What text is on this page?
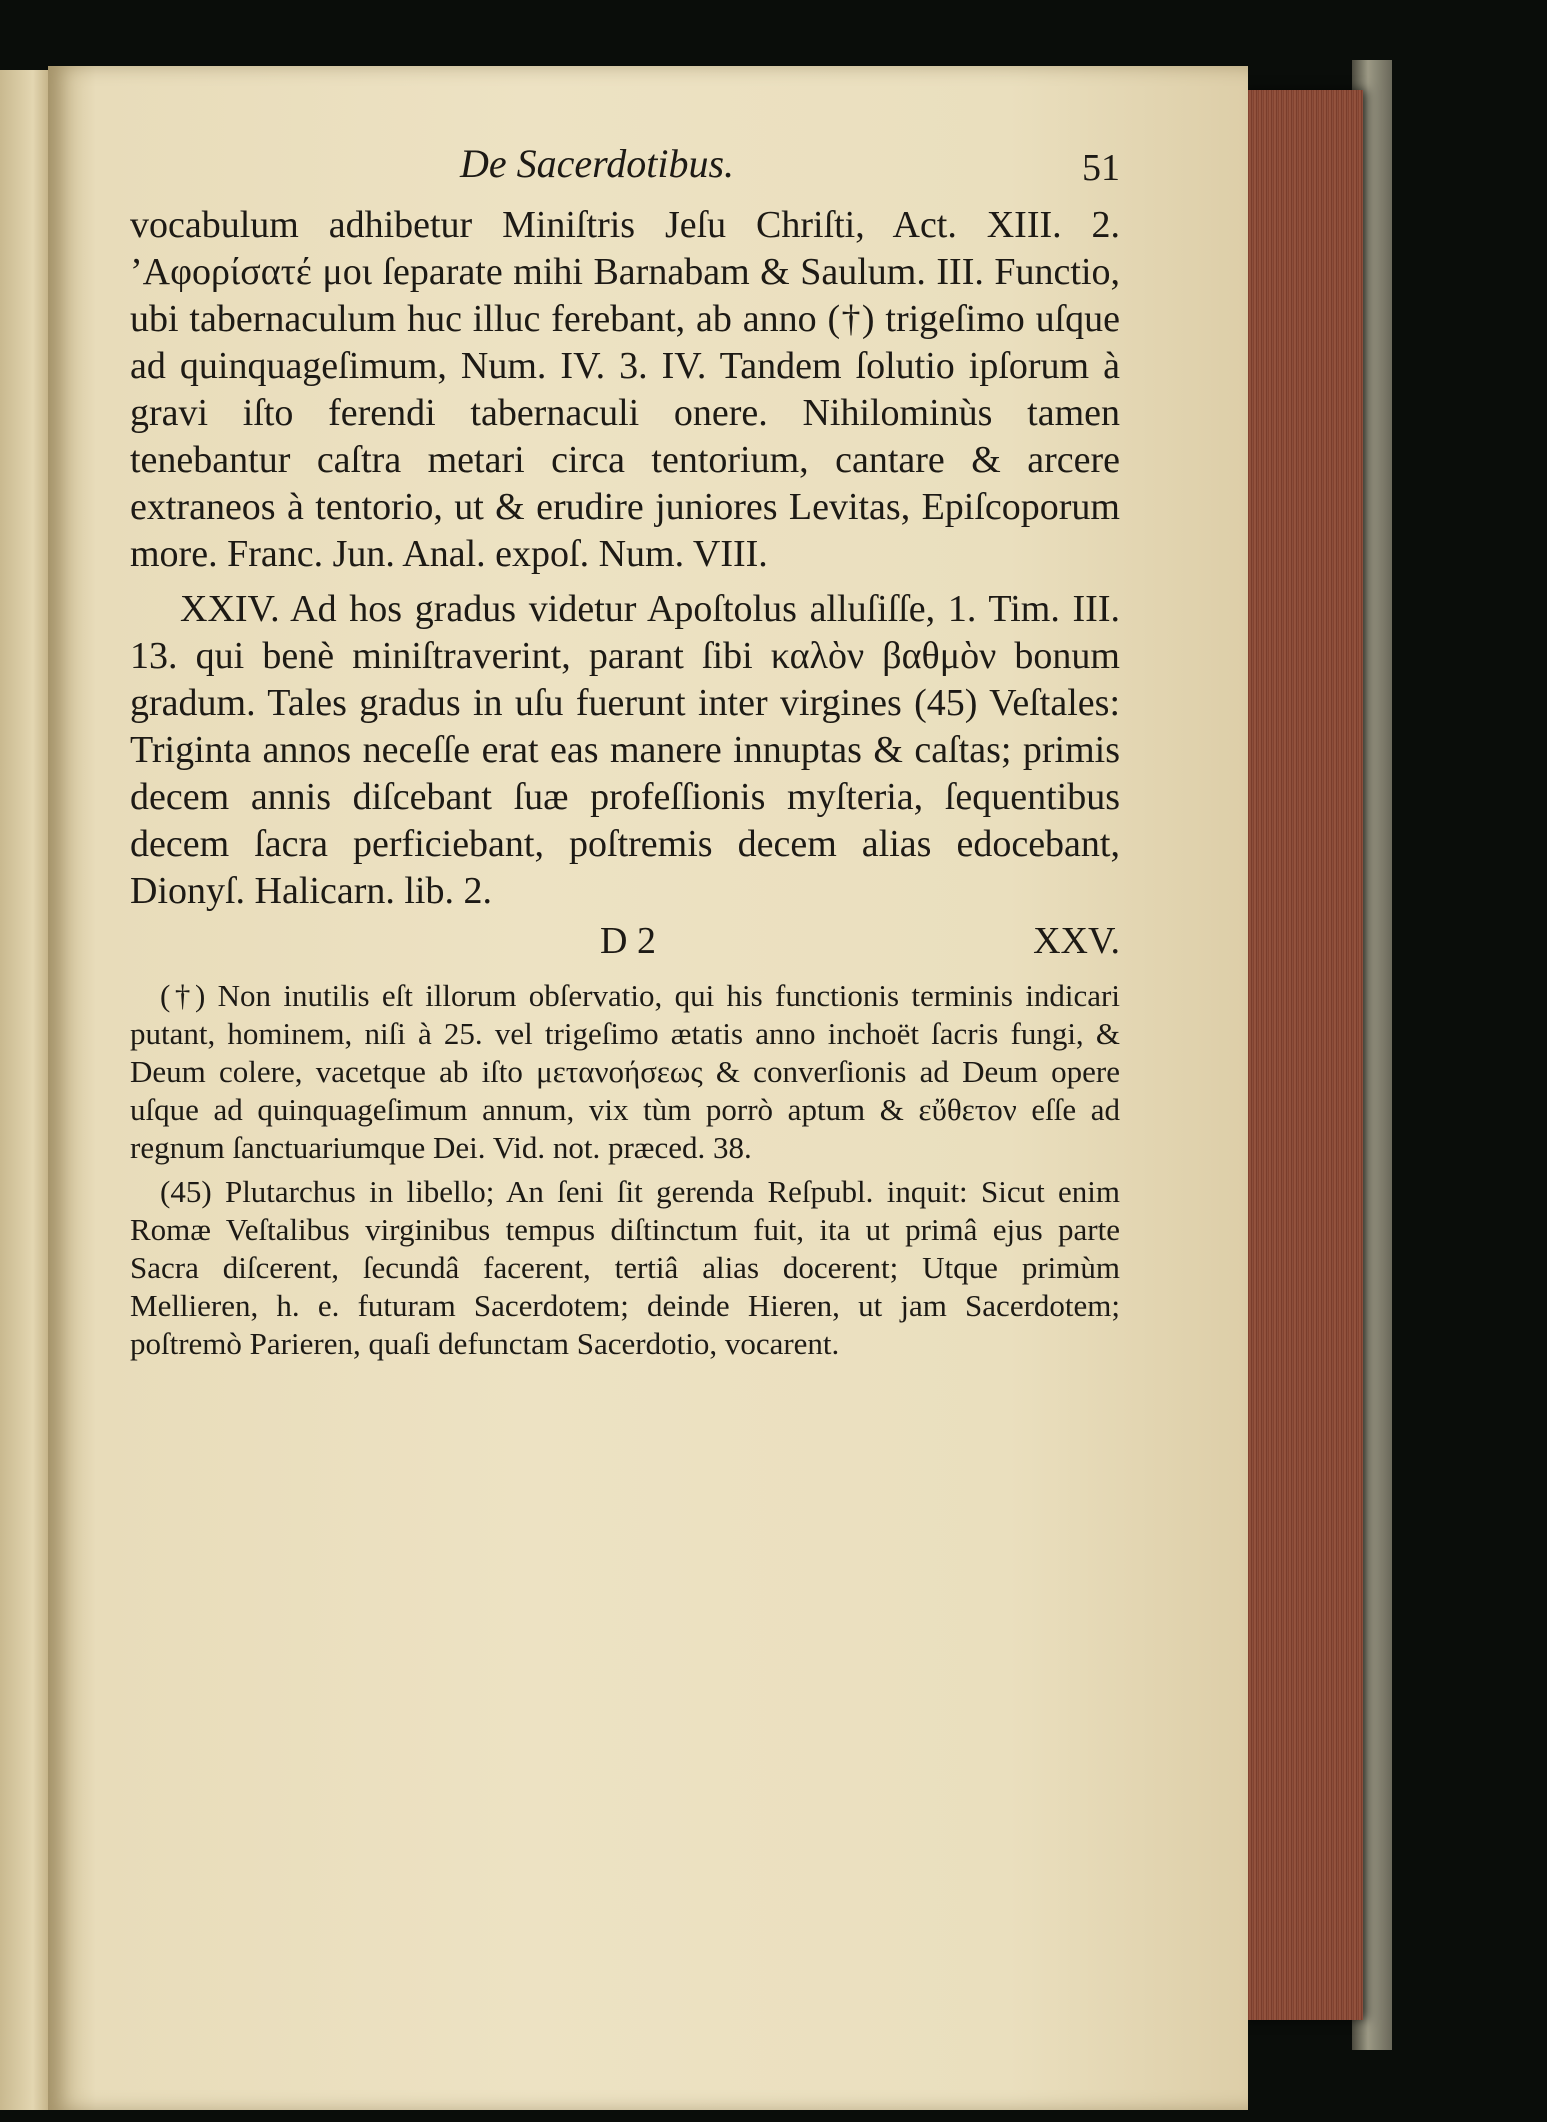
De Sacerdotibus.	51

vocabulum adhibetur Miniſtris Jeſu Chriſti, Act. XIII. 2. ’Αφορίσατέ μοι ſeparate mihi Barnabam & Saulum. III. Functio, ubi tabernaculum huc illuc ferebant, ab anno (†) trigeſimo uſque ad quinquageſimum, Num. IV. 3. IV. Tandem ſolutio ipſorum à gravi iſto ferendi tabernaculi onere. Nihilominùs tamen tenebantur caſtra metari circa tentorium, cantare & arcere extraneos à tentorio, ut & erudire juniores Levitas, Epiſcoporum more. Franc. Jun. Anal. expoſ. Num. VIII.

XXIV. Ad hos gradus videtur Apoſtolus alluſiſſe, 1. Tim. III. 13. qui benè miniſtraverint, parant ſibi καλὸν βαθμὸν bonum gradum. Tales gradus in uſu fuerunt inter virgines (45) Veſtales: Triginta annos neceſſe erat eas manere innuptas & caſtas; primis decem annis diſcebant ſuæ profeſſionis myſteria, ſequentibus decem ſacra perficiebant, poſtremis decem alias edocebant, Dionyſ. Halicarn. lib. 2.

D 2	XXV.

(†) Non inutilis eſt illorum obſervatio, qui his functionis terminis indicari putant, hominem, niſi à 25. vel trigeſimo ætatis anno inchoët ſacris fungi, & Deum colere, vacetque ab iſto μετανοήσεως & converſionis ad Deum opere uſque ad quinquageſimum annum, vix tùm porrò aptum & εὔθετον eſſe ad regnum ſanctuariumque Dei. Vid. not. præced. 38.

(45) Plutarchus in libello; An ſeni ſit gerenda Reſpubl. inquit: Sicut enim Romæ Veſtalibus virginibus tempus diſtinctum fuit, ita ut primâ ejus parte Sacra diſcerent, ſecundâ facerent, tertiâ alias docerent; Utque primùm Mellieren, h. e. futuram Sacerdotem; deinde Hieren, ut jam Sacerdotem; poſtremò Parieren, quaſi defunctam Sacerdotio, vocarent.
